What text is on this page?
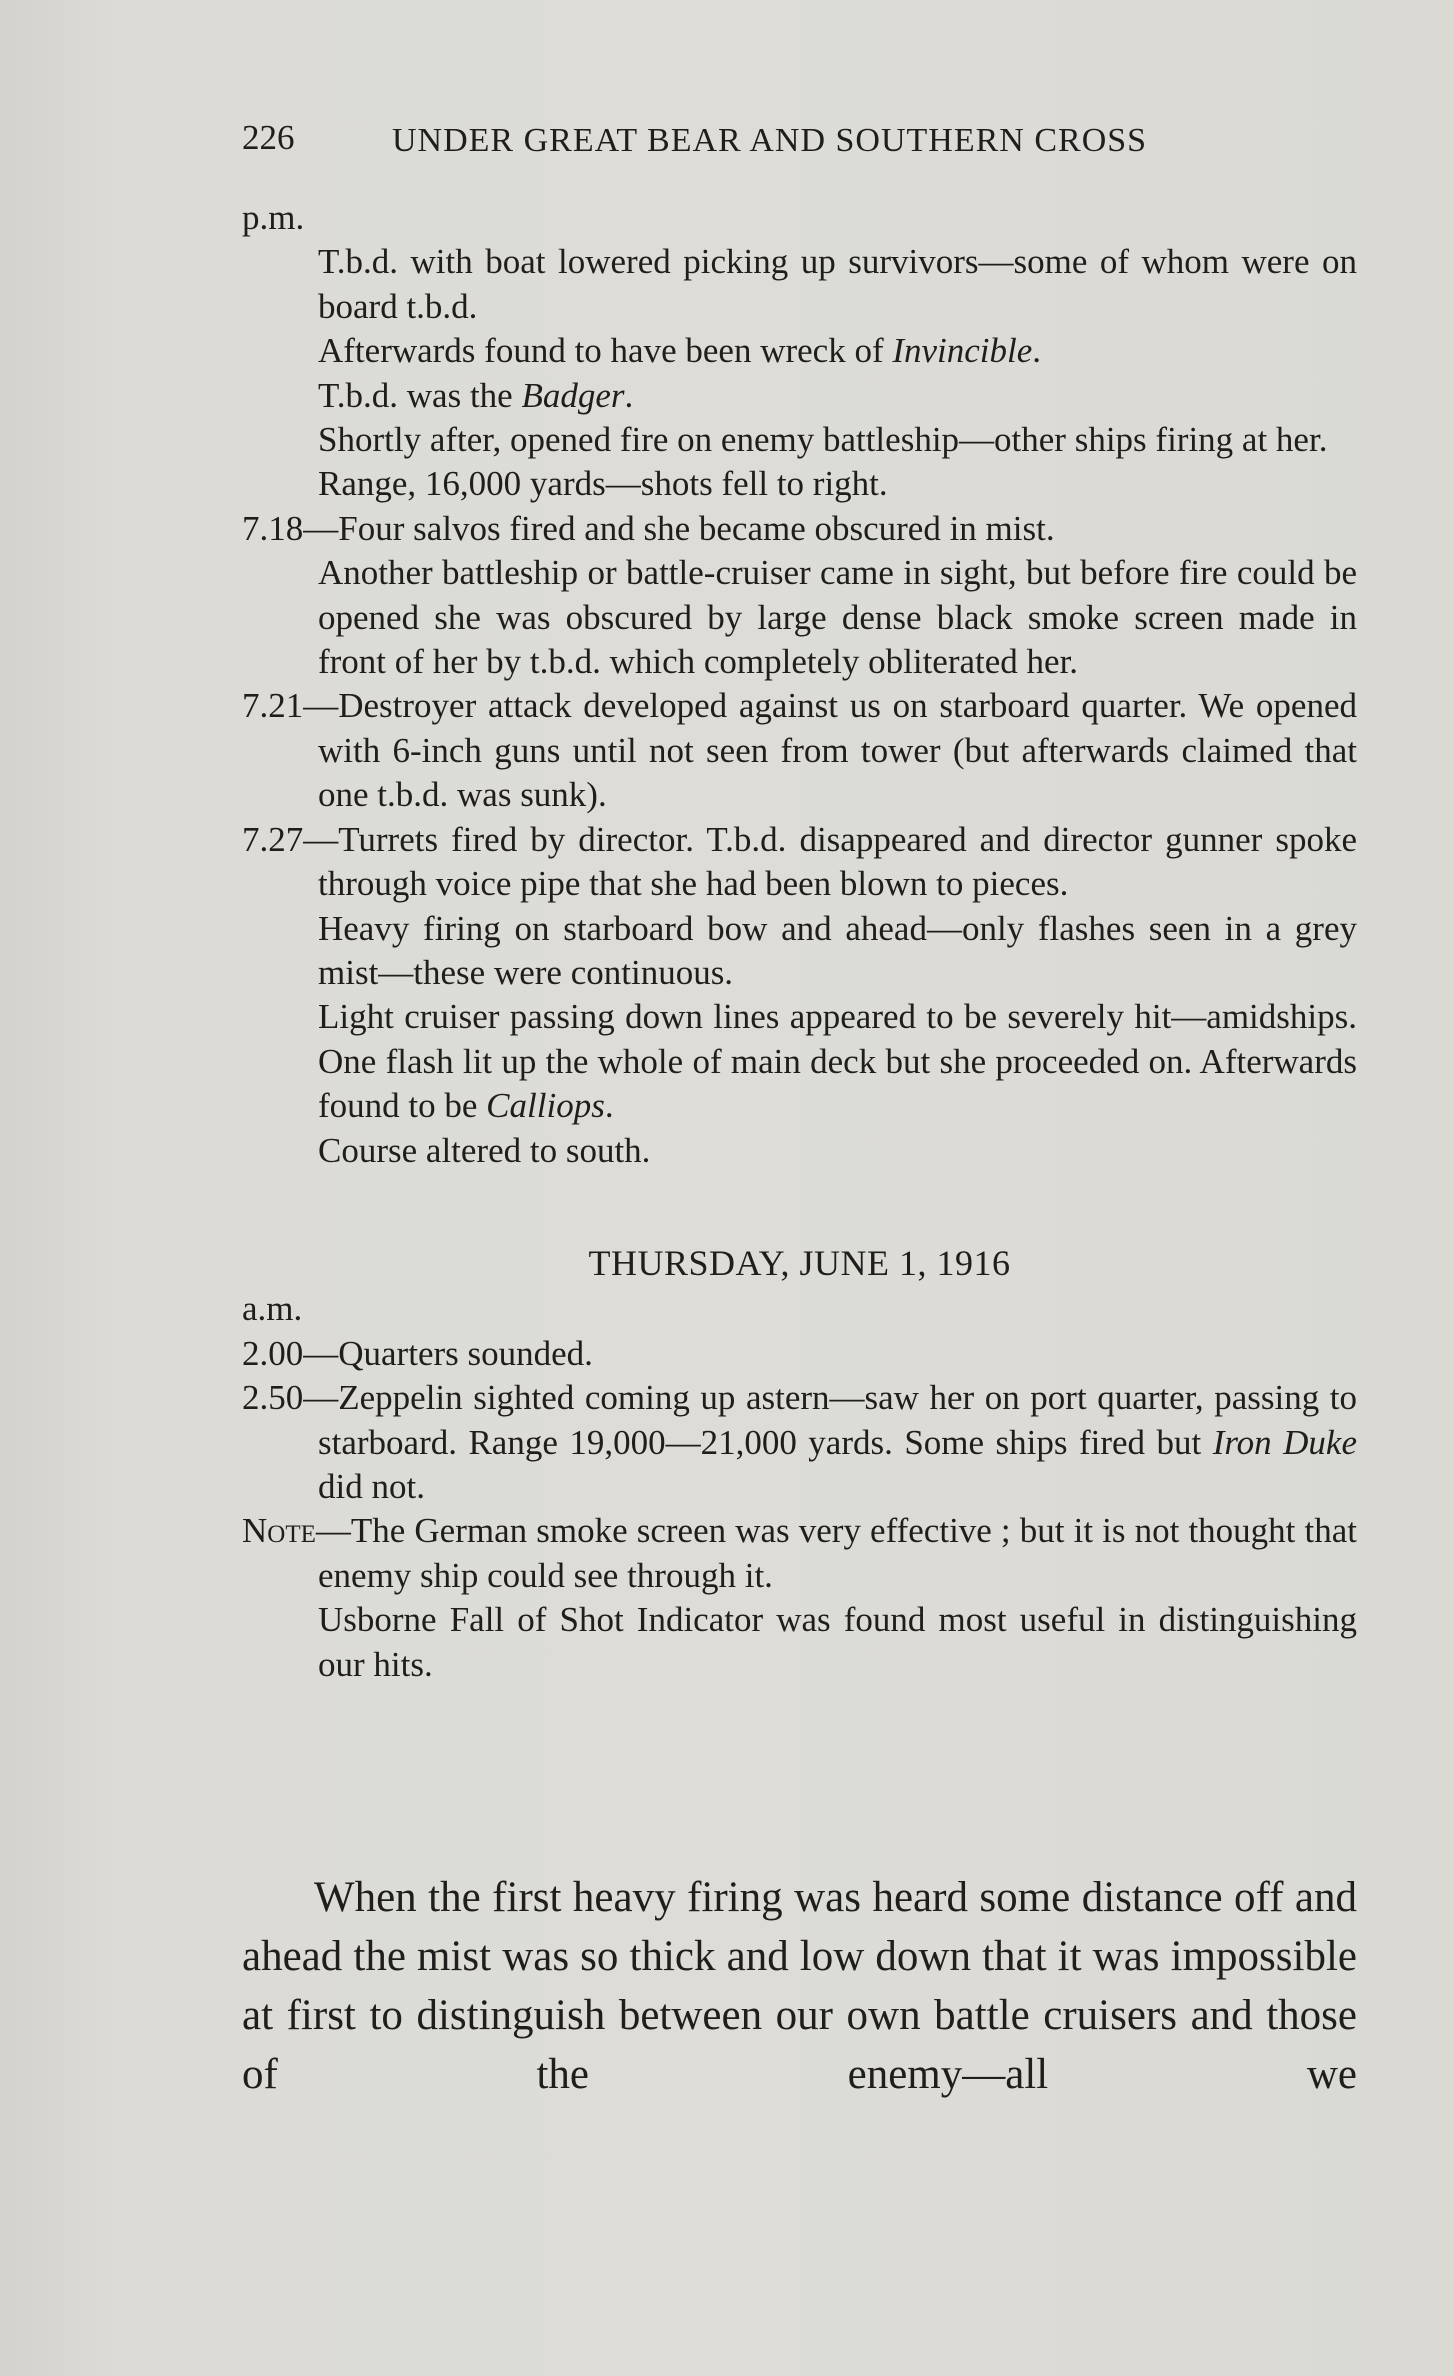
226	UNDER GREAT BEAR AND SOUTHERN CROSS

p.m.

T.b.d. with boat lowered picking up survivors—some of whom were on board t.b.d.

Afterwards found to have been wreck of Invincible.

T.b.d. was the Badger.

Shortly after, opened fire on enemy battleship—other ships firing at her.

Range, 16,000 yards—shots fell to right.

7.18—Four salvos fired and she became obscured in mist.

Another battleship or battle-cruiser came in sight, but before fire could be opened she was obscured by large dense black smoke screen made in front of her by t.b.d. which completely obliterated her.

7.21—Destroyer attack developed against us on starboard quarter. We opened with 6-inch guns until not seen from tower (but afterwards claimed that one t.b.d. was sunk).

7.27—Turrets fired by director. T.b.d. disappeared and director gunner spoke through voice pipe that she had been blown to pieces.

Heavy firing on starboard bow and ahead—only flashes seen in a grey mist—these were continuous.

Light cruiser passing down lines appeared to be severely hit—amidships. One flash lit up the whole of main deck but she proceeded on. Afterwards found to be Calliops.

Course altered to south.

THURSDAY, JUNE 1, 1916

a.m.

2.00—Quarters sounded.

2.50—Zeppelin sighted coming up astern—saw her on port quarter, passing to starboard. Range 19,000—21,000 yards. Some ships fired but Iron Duke did not.

Note—The German smoke screen was very effective ; but it is not thought that enemy ship could see through it.

Usborne Fall of Shot Indicator was found most useful in distinguishing our hits.

When the first heavy firing was heard some distance off and ahead the mist was so thick and low down that it was impossible at first to distinguish between our own battle cruisers and those of the enemy—all we
